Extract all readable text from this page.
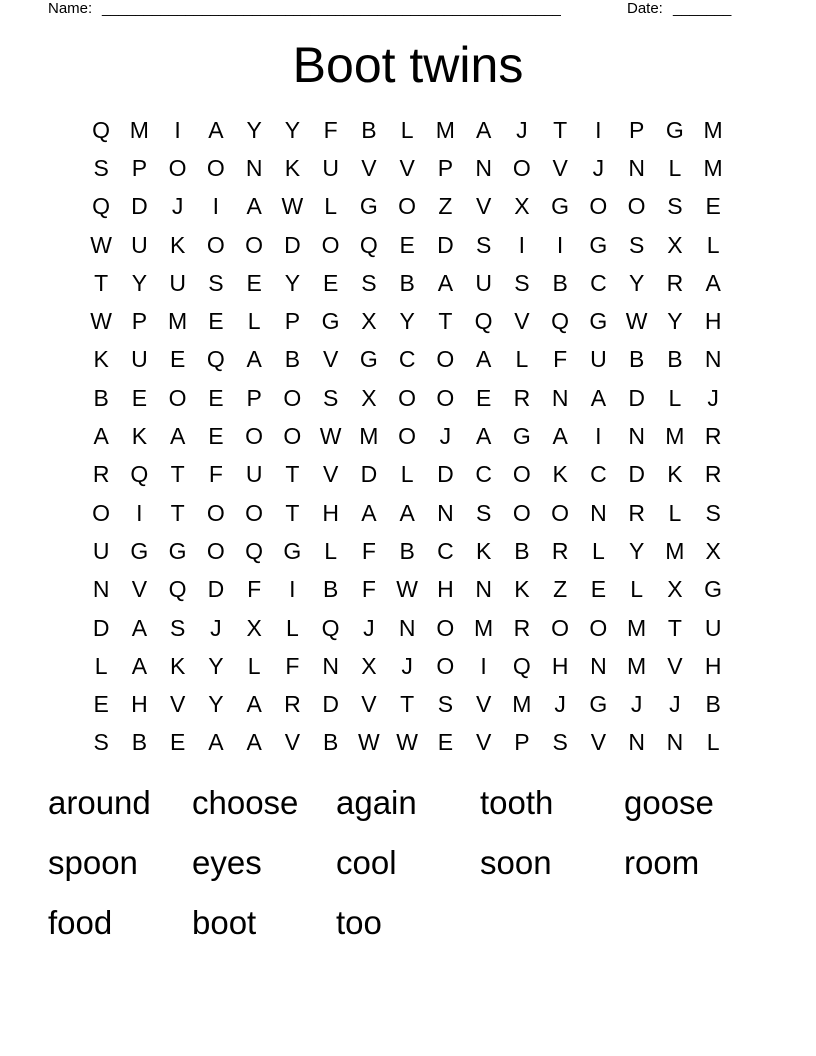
Name: _______________________________________________________	Date: _______
Boot twins
Q M	I	A Y Y	F	B	L M A	J	T	I	P G M
S P O O N K U V V P N O V	J	N	L M
Q D	J	I	A W L G O Z	V X G O O S E
W U K O O D O Q E D S	I	I	G S X	L
T	Y U S E Y E S B A U S B C Y R A
W P M E	L	P G X Y	T Q V Q G W Y H
K U E Q A B V G C O A	L	F U B B N
B E O E P O S X O O E R N A D	L	J
A K A E O O W M O	J	A G A	I	N M R
R Q T	F U T	V D	L	D C O K C D K R
O	I	T O O T H A A N S O O N R	L	S
U G G O Q G L	F	B C K B R	L	Y M X
N V Q D F	I	B	F W H N K	Z	E	L	X G
D A S	J	X	L Q	J	N O M R O O M T U
L	A K Y	L	F N X	J	O	I	Q H N M V H
E H V Y A R D V	T	S V M J	G	J	J	B
S B E A A V B W W E V P S V N N	L
around	choose	again	tooth	goose
spoon	eyes	cool	soon	room
food	boot	too
